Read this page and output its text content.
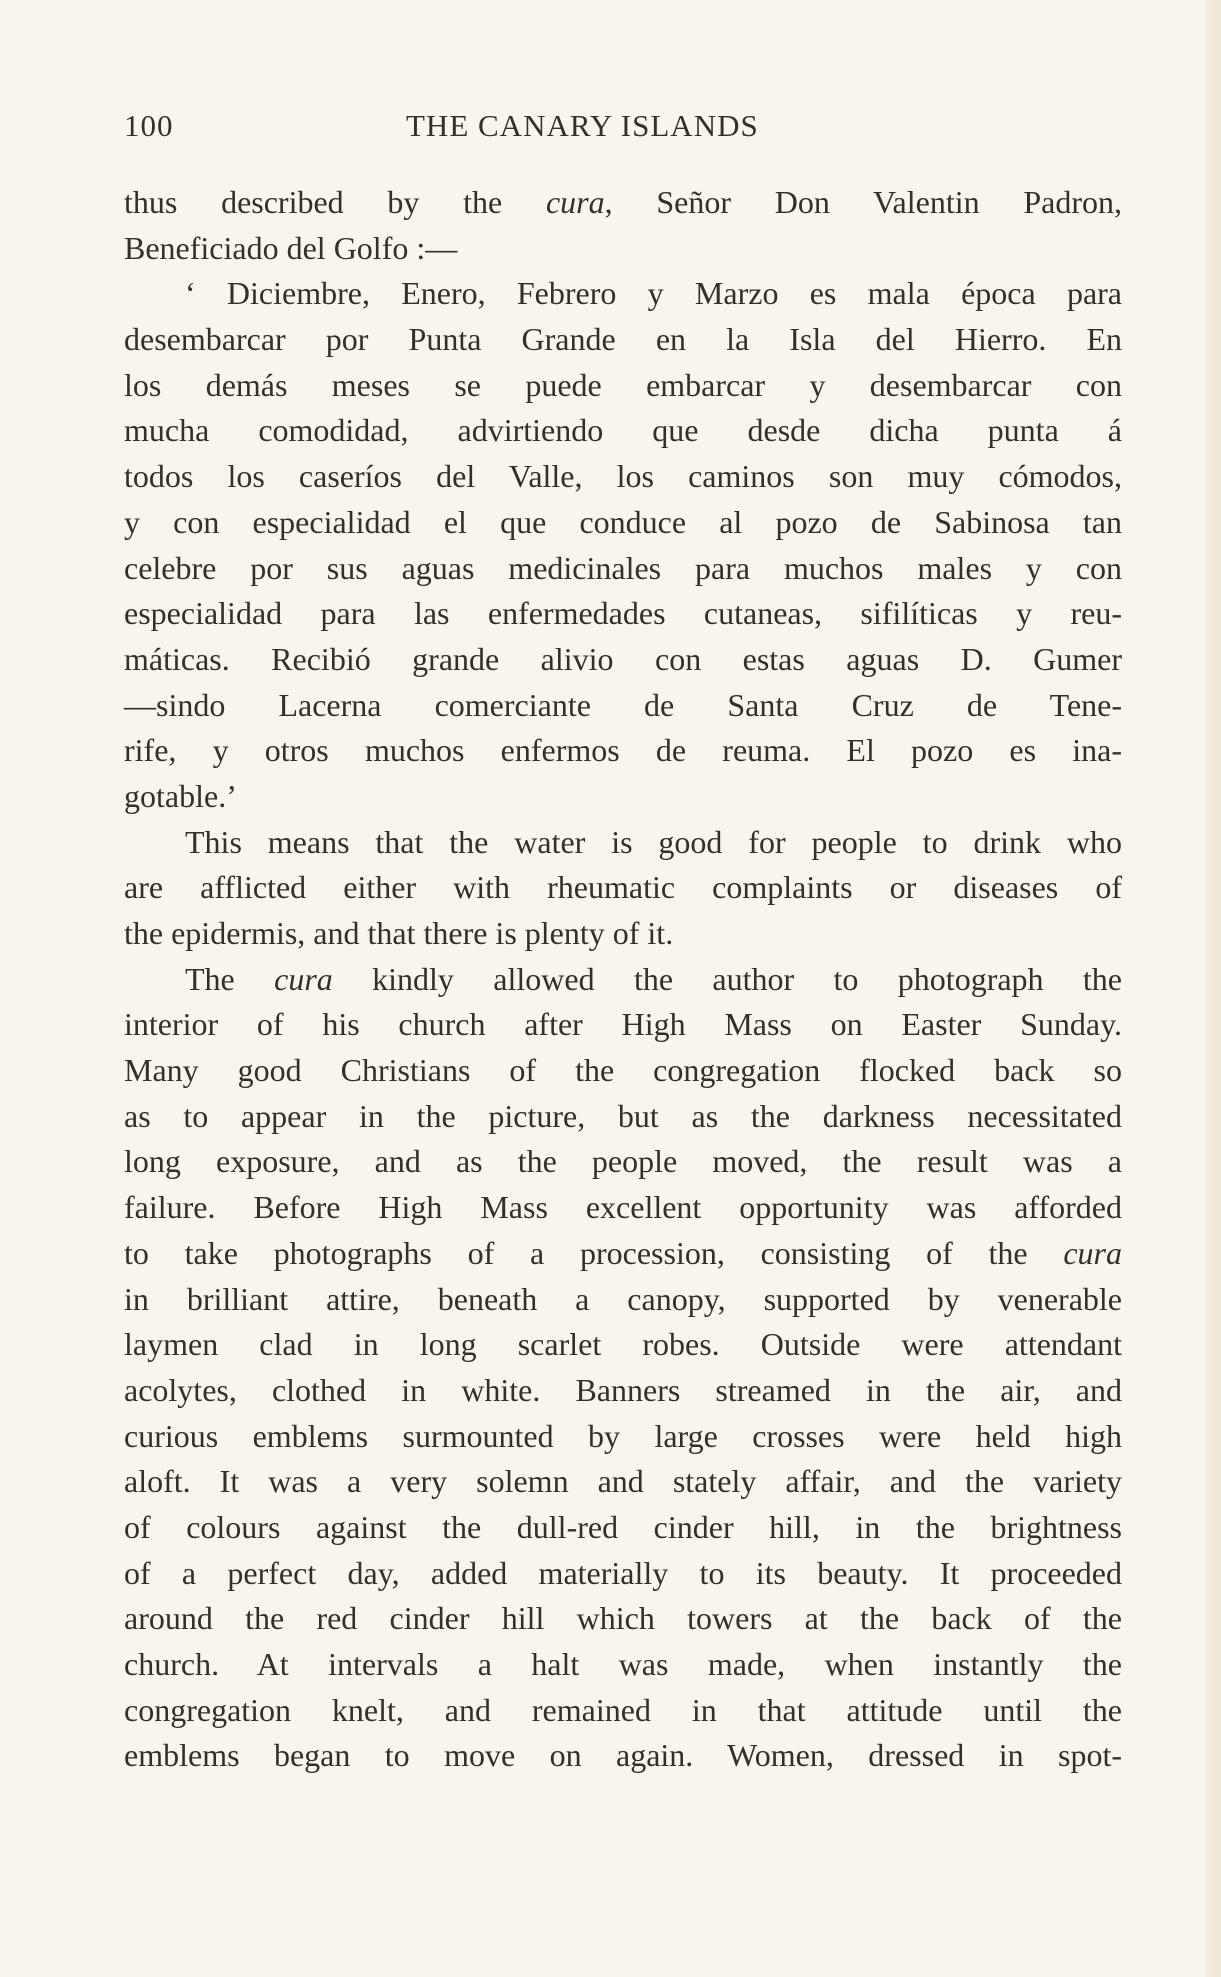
100	THE CANARY ISLANDS
thus described by the cura, Señor Don Valentin Padron,
Beneficiado del Golfo :—
‘ Diciembre, Enero, Febrero y Marzo es mala época para
desembarcar por Punta Grande en la Isla del Hierro. En
los demás meses se puede embarcar y desembarcar con
mucha comodidad, advirtiendo que desde dicha punta á
todos los caseríos del Valle, los caminos son muy cómodos,
y con especialidad el que conduce al pozo de Sabinosa tan
celebre por sus aguas medicinales para muchos males y con
especialidad para las enfermedades cutaneas, sifilíticas y reu-
máticas. Recibió grande alivio con estas aguas D. Gumer
—sindo Lacerna comerciante de Santa Cruz de Tene-
rife, y otros muchos enfermos de reuma. El pozo es ina-
gotable.’
This means that the water is good for people to drink who
are afflicted either with rheumatic complaints or diseases of
the epidermis, and that there is plenty of it.
The cura kindly allowed the author to photograph the
interior of his church after High Mass on Easter Sunday.
Many good Christians of the congregation flocked back so
as to appear in the picture, but as the darkness necessitated
long exposure, and as the people moved, the result was a
failure. Before High Mass excellent opportunity was afforded
to take photographs of a procession, consisting of the cura
in brilliant attire, beneath a canopy, supported by venerable
laymen clad in long scarlet robes. Outside were attendant
acolytes, clothed in white. Banners streamed in the air, and
curious emblems surmounted by large crosses were held high
aloft. It was a very solemn and stately affair, and the variety
of colours against the dull-red cinder hill, in the brightness
of a perfect day, added materially to its beauty. It proceeded
around the red cinder hill which towers at the back of the
church. At intervals a halt was made, when instantly the
congregation knelt, and remained in that attitude until the
emblems began to move on again. Women, dressed in spot-
